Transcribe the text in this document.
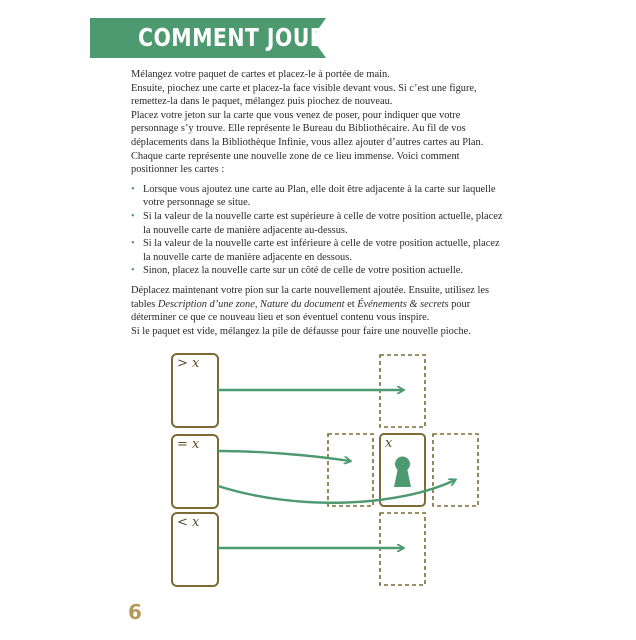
COMMENT JOUER ?

Mélangez votre paquet de cartes et placez-le à portée de main.

Ensuite, piochez une carte et placez-la face visible devant vous. Si c’est une figure, remettez-la dans le paquet, mélangez puis piochez de nouveau.

Placez votre jeton sur la carte que vous venez de poser, pour indiquer que votre personnage s’y trouve. Elle représente le Bureau du Bibliothécaire. Au fil de vos déplacements dans la Bibliothèque Infinie, vous allez ajouter d’autres cartes au Plan. Chaque carte représente une nouvelle zone de ce lieu immense. Voici comment positionner les cartes :

• Lorsque vous ajoutez une carte au Plan, elle doit être adjacente à la carte sur laquelle votre personnage se situe.
• Si la valeur de la nouvelle carte est supérieure à celle de votre position actuelle, placez la nouvelle carte de manière adjacente au-dessus.
• Si la valeur de la nouvelle carte est inférieure à celle de votre position actuelle, placez la nouvelle carte de manière adjacente en dessous.
• Sinon, placez la nouvelle carte sur un côté de celle de votre position actuelle.

Déplacez maintenant votre pion sur la carte nouvellement ajoutée. Ensuite, utilisez les tables Description d’une zone, Nature du document et Événements & secrets pour déterminer ce que ce nouveau lieu et son éventuel contenu vous inspire.

Si le paquet est vide, mélangez la pile de défausse pour faire une nouvelle pioche.

> x
= x
< x
x
6
